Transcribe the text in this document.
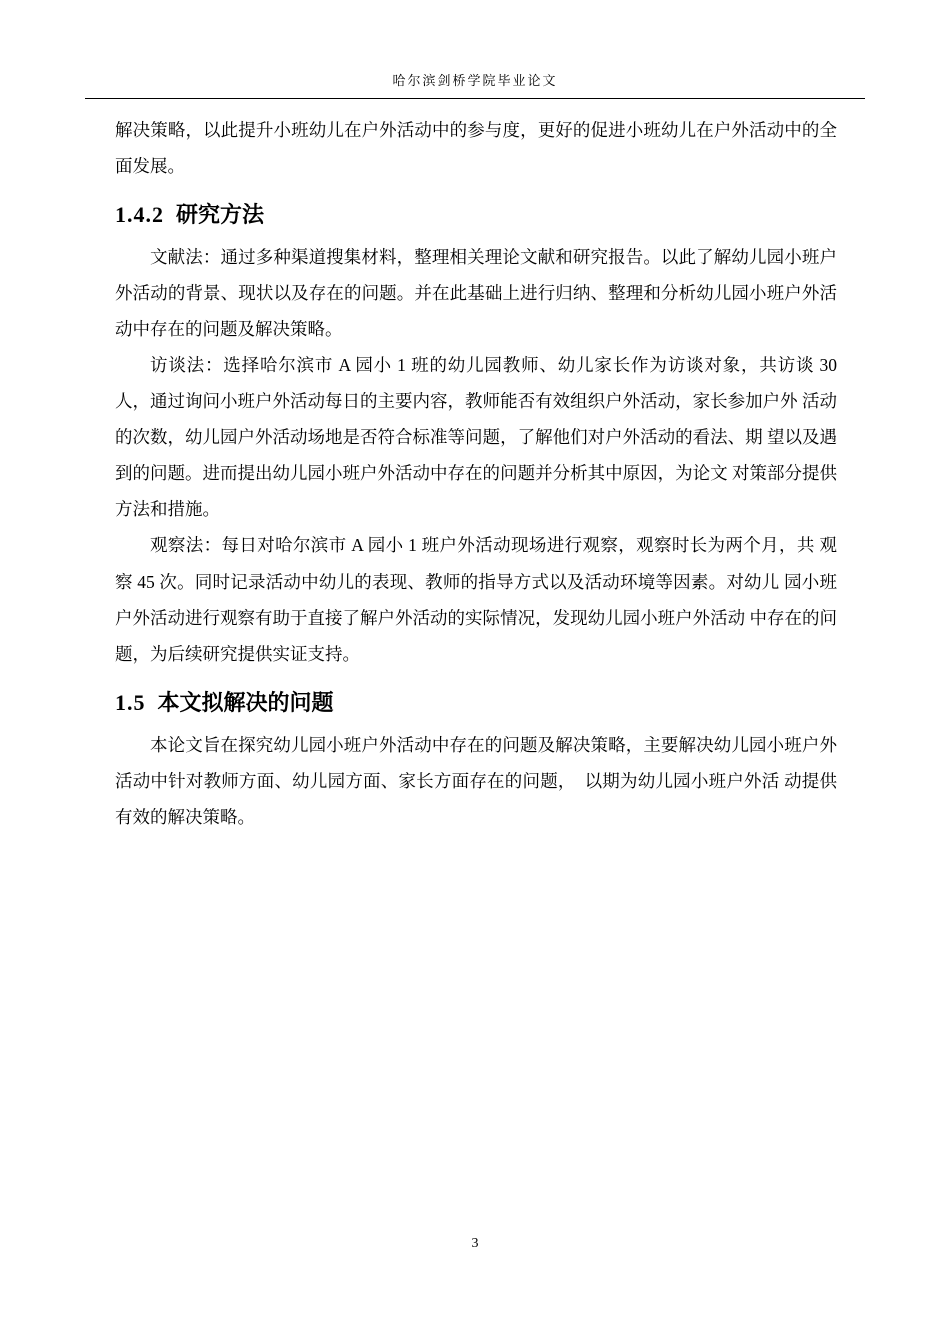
哈尔滨剑桥学院毕业论文

解决策略，以此提升小班幼儿在户外活动中的参与度，更好的促进小班幼儿在户外活动中的全面发展。

1.4.2 研究方法

文献法：通过多种渠道搜集材料，整理相关理论文献和研究报告。以此了解幼儿园小班户外活动的背景、现状以及存在的问题。并在此基础上进行归纳、整理和分析幼儿园小班户外活动中存在的问题及解决策略。

访谈法：选择哈尔滨市 A 园小 1 班的幼儿园教师、幼儿家长作为访谈对象，共访谈 30 人，通过询问小班户外活动每日的主要内容，教师能否有效组织户外活动，家长参加户外 活动的次数，幼儿园户外活动场地是否符合标准等问题，了解他们对户外活动的看法、期 望以及遇到的问题。进而提出幼儿园小班户外活动中存在的问题并分析其中原因，为论文 对策部分提供方法和措施。

观察法：每日对哈尔滨市 A 园小 1 班户外活动现场进行观察，观察时长为两个月，共 观察 45 次。同时记录活动中幼儿的表现、教师的指导方式以及活动环境等因素。对幼儿 园小班户外活动进行观察有助于直接了解户外活动的实际情况，发现幼儿园小班户外活动 中存在的问题，为后续研究提供实证支持。

1.5 本文拟解决的问题

本论文旨在探究幼儿园小班户外活动中存在的问题及解决策略，主要解决幼儿园小班户外活动中针对教师方面、幼儿园方面、家长方面存在的问题，　以期为幼儿园小班户外活 动提供有效的解决策略。

3
